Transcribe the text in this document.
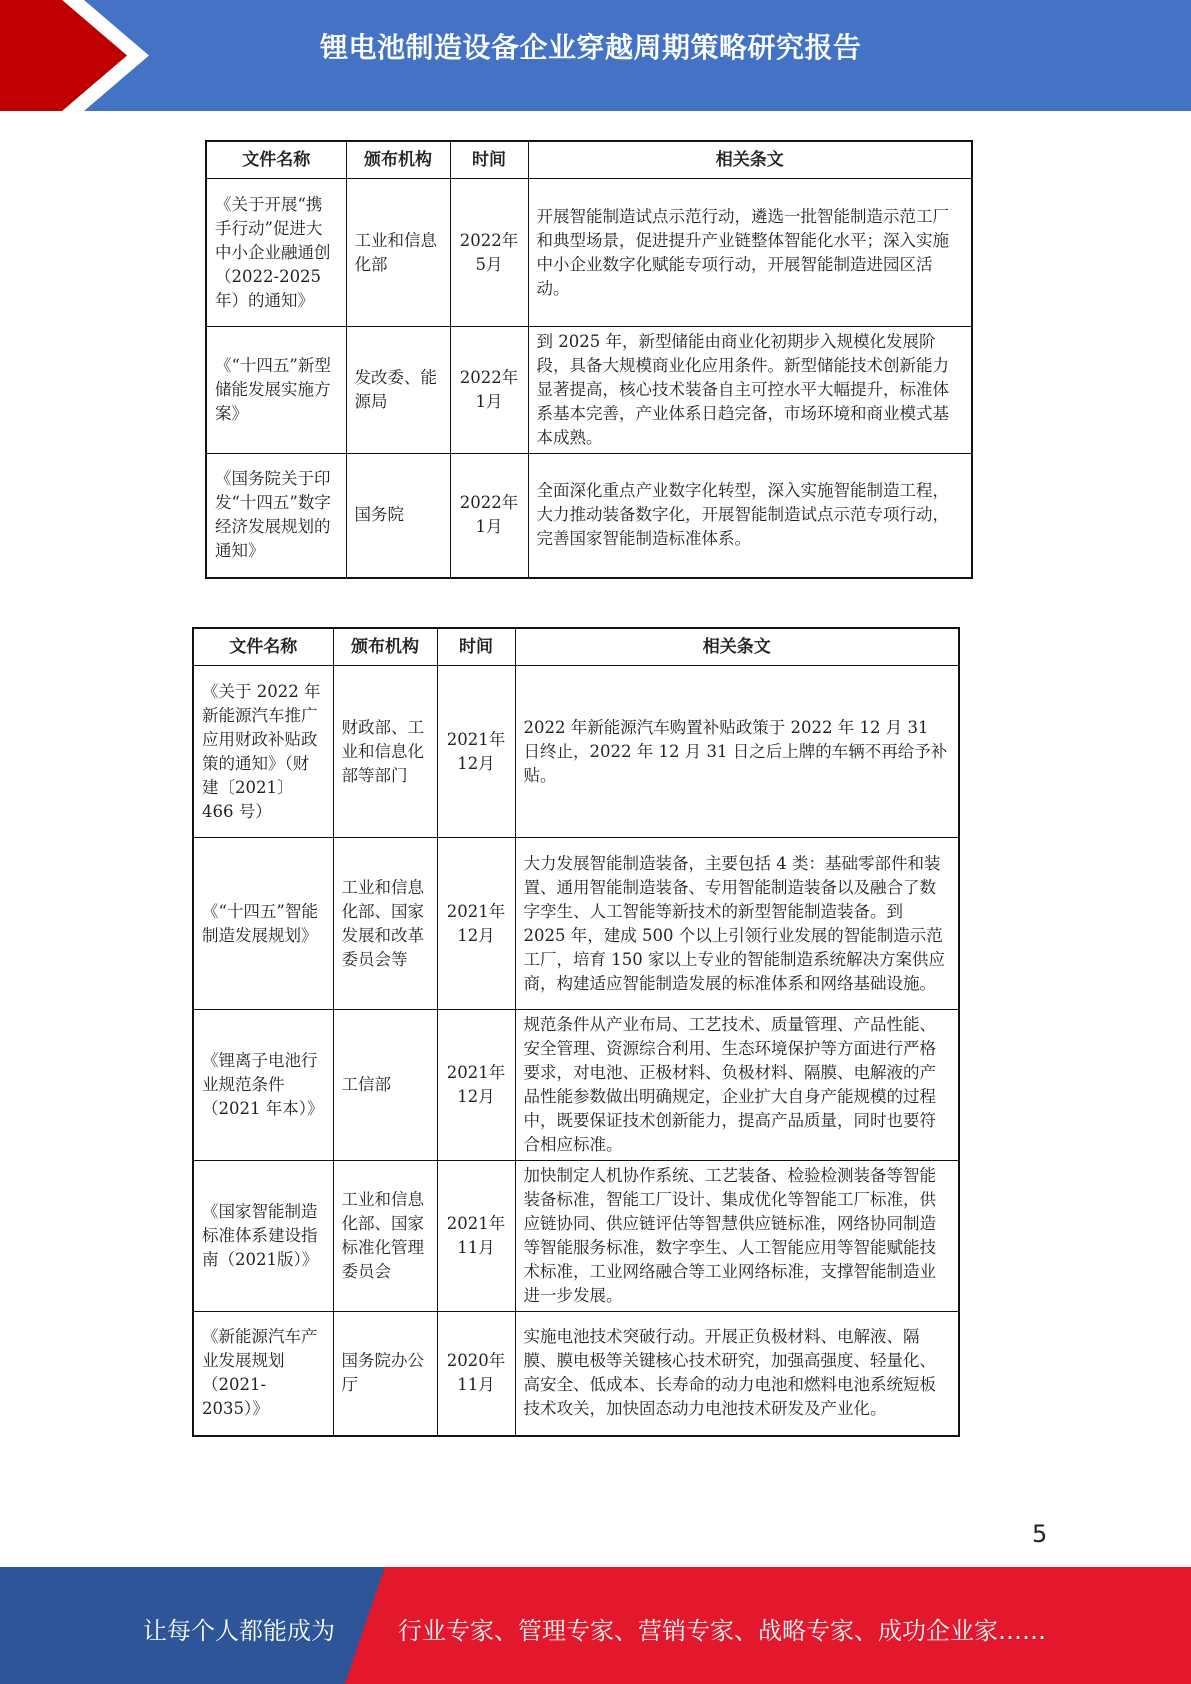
锂电池制造设备企业穿越周期策略研究报告
文件名称	颁布机构	时间	相关条文
《关于开展“携手行动”促进大中小企业融通创（2022-2025年）的通知》	工业和信息化部	2022年5月	开展智能制造试点示范行动，遴选一批智能制造示范工厂和典型场景，促进提升产业链整体智能化水平；深入实施中小企业数字化赋能专项行动，开展智能制造进园区活动。
《“十四五”新型储能发展实施方案》	发改委、能源局	2022年1月	到 2025 年，新型储能由商业化初期步入规模化发展阶段，具备大规模商业化应用条件。新型储能技术创新能力显著提高，核心技术装备自主可控水平大幅提升，标准体系基本完善，产业体系日趋完备，市场环境和商业模式基本成熟。
《国务院关于印发“十四五”数字经济发展规划的通知》	国务院	2022年1月	全面深化重点产业数字化转型，深入实施智能制造工程，大力推动装备数字化，开展智能制造试点示范专项行动，完善国家智能制造标准体系。
文件名称	颁布机构	时间	相关条文
《关于 2022 年新能源汽车推广应用财政补贴政策的通知》（财建〔2021〕466 号）	财政部、工业和信息化部等部门	2021年12月	2022 年新能源汽车购置补贴政策于 2022 年 12 月 31 日终止，2022 年 12 月 31 日之后上牌的车辆不再给予补贴。
《“十四五”智能制造发展规划》	工业和信息化部、国家发展和改革委员会等	2021年12月	大力发展智能制造装备，主要包括 4 类：基础零部件和装置、通用智能制造装备、专用智能制造装备以及融合了数字孪生、人工智能等新技术的新型智能制造装备。到 2025 年，建成 500 个以上引领行业发展的智能制造示范工厂，培育 150 家以上专业的智能制造系统解决方案供应商，构建适应智能制造发展的标准体系和网络基础设施。
《锂离子电池行业规范条件（2021 年本）》	工信部	2021年12月	规范条件从产业布局、工艺技术、质量管理、产品性能、安全管理、资源综合利用、生态环境保护等方面进行严格要求，对电池、正极材料、负极材料、隔膜、电解液的产品性能参数做出明确规定，企业扩大自身产能规模的过程中，既要保证技术创新能力，提高产品质量，同时也要符合相应标准。
《国家智能制造标准体系建设指南（2021版）》	工业和信息化部、国家标准化管理委员会	2021年11月	加快制定人机协作系统、工艺装备、检验检测装备等智能装备标准，智能工厂设计、集成优化等智能工厂标准，供应链协同、供应链评估等智慧供应链标准，网络协同制造等智能服务标准，数字孪生、人工智能应用等智能赋能技术标准，工业网络融合等工业网络标准，支撑智能制造业进一步发展。
《新能源汽车产业发展规划（2021-2035）》	国务院办公厅	2020年11月	实施电池技术突破行动。开展正负极材料、电解液、隔膜、膜电极等关键核心技术研究，加强高强度、轻量化、高安全、低成本、长寿命的动力电池和燃料电池系统短板技术攻关，加快固态动力电池技术研发及产业化。
5
让每个人都能成为	行业专家、管理专家、营销专家、战略专家、成功企业家……
